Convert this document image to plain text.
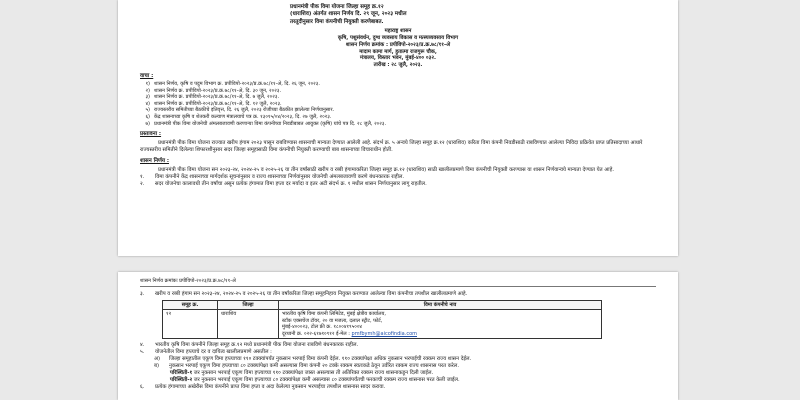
प्रधानमंत्री पीक विमा योजना जिल्हा समूह क्र.१२

(धाराशिव) अंतर्गत शासन निर्णय दि. २९ जून, २०२३ मधील

तरतूदीनुसार विमा कंपनीची नियुक्ती करणेबाबत.

महाराष्ट्र शासन

कृषि, पशुसंवर्धन, दुग्ध व्यवसाय विकास व मत्स्यव्यवसाय विभाग

शासन निर्णय क्रमांक : प्रपीविपो-२०२३/प्र.क्र.७८/११-अे

मादाम कामा मार्ग, हुतात्मा राजगुरू चौक,

मंत्रालय, विस्तार भवन, मुंबई-४०० ०३२.

तारीख : २८ जुलै, २०२३.

वाचा :

१) शासन निर्णय, कृषि व पदुम विभाग क्र. प्रपीविपो-२०२३/प्र.क्र.७८/११-अे, दि. २६ जून, २०२३.
२) शासन निर्णय क्र. प्रपीविपो-२०२३/प्र.क्र.७८/११-अे, दि. ३० जून, २०२३.
३) शासन निर्णय क्र. प्रपीविपो-२०२३/प्र.क्र.७८/११-अे, दि. ७ जुलै, २०२३.
४) शासन निर्णय क्र. प्रपीविपो-२०२३/प्र.क्र.७८/११-अे, दि. १२ जुलै, २०२३.
५) राज्यस्तरीय समितीच्या बैठकीचे इतिवृत्त, दि. २६ जुलै, २०२३ रोजीच्या बैठकीत झालेल्या निर्णयानुसार.
६) केंद्र शासनाच्या कृषि व शेतकरी कल्याण मंत्रालयाचे पत्र क्र. १३०१५/०४/२०२३, दि. २७ जुलै, २०२३.
७) प्रधानमंत्री पीक विमा योजनेची अंमलबजावणी करणाऱ्या विमा कंपनीच्या निवडीबाबत आयुक्त (कृषि) यांचे पत्र दि. २८ जुलै, २०२३.

प्रस्तावना :

प्रधानमंत्री पीक विमा योजना राज्यात खरीप हंगाम २०२३ पासून राबविण्यास शासनाची मान्यता देण्यात आलेली आहे. संदर्भ क्र. ५ अन्वये जिल्हा समूह क्र.१२ (धाराशिव) करिता विमा कंपनी निवडीसाठी राबविण्यात आलेल्या निविदा प्रक्रियेत प्राप्त प्रतिसादाच्या आधारे राज्यस्तरीय समितीने दिलेल्या शिफारशीनुसार सदर जिल्हा समूहासाठी विमा कंपनीची नियुक्ती करण्याची बाब शासनाच्या विचाराधीन होती.

शासन निर्णय :

प्रधानमंत्री पीक विमा योजना सन २०२३-२४, २०२४-२५ व २०२५-२६ या तीन वर्षांसाठी खरीप व रब्बी हंगामाकरिता जिल्हा समूह क्र.१२ (धाराशिव) साठी खालीलप्रमाणे विमा कंपनीची नियुक्ती करण्यास या शासन निर्णयान्वये मान्यता देण्यात येत आहे.

१.	विमा कंपनीने केंद्र शासनाच्या मार्गदर्शक सूचनांनुसार व राज्य शासनाच्या निर्णयांनुसार योजनेची अंमलबजावणी करणे बंधनकारक राहील.
२.	सदर योजनेचा कालावधी तीन वर्षांचा असून प्रत्येक हंगामात विमा हप्ता दर मर्यादा व इतर अटी संदर्भ क्र. १ मधील शासन निर्णयानुसार लागू राहतील.
शासन निर्णय क्रमांकः प्रपीविपो-२०२३/प्र.क्र.७८/११-अे
३.	खरीप व रब्बी हंगाम सन २०२३-२४, २०२४-२५ व २०२५-२६ या तीन वर्षांकरिता जिल्हा समूहनिहाय नियुक्त करण्यात आलेल्या विमा कंपनीचा तपशील खालीलप्रमाणे आहे.
समूह क्र.	जिल्हा	विमा कंपनीचे नाव
१२	धाराशिव	भारतीय कृषि विमा कंपनी लिमिटेड, मुंबई क्षेत्रीय कार्यालय,
स्टॉक एक्सचेंज टॉवर, २० वा मजला, दलाल स्ट्रीट, फोर्ट,
मुंबई-४०००२३, टोल फ्री क्र. १८००४१९५००४
दूरध्वनी क्र. ०२२-६१७१०९१२ ई-मेल : pmfbymh@aicofindia.com
४.	भारतीय कृषि विमा कंपनीने जिल्हा समूह क्र.१२ मध्ये प्रधानमंत्री पीक विमा योजना राबविणे बंधनकारक राहील.
५.	योजनेतील विमा हप्त्याचे दर व दायित्व खालीलप्रमाणे असतील :
अ)	जिल्हा समूहातील एकूण विमा हप्त्याच्या ११० टक्क्यांपर्यंत नुकसान भरपाई विमा कंपनी देईल. ११० टक्क्यांपेक्षा अधिक नुकसान भरपाईची रक्कम राज्य शासन देईल.
ब)	नुकसान भरपाई एकूण विमा हप्त्याच्या ८० टक्क्यांपेक्षा कमी असल्यास विमा कंपनी २० टक्के रक्कम स्वतःकडे ठेवून उर्वरित रक्कम राज्य शासनास परत करेल.

परिस्थिती-१ जर नुकसान भरपाई एकूण विमा हप्त्याच्या ११० टक्क्यांपेक्षा जास्त असल्यास ती अतिरिक्त रक्कम राज्य शासनाकडून दिली जाईल.

परिस्थिती-२ जर नुकसान भरपाई एकूण विमा हप्त्याच्या ८० टक्क्यांपेक्षा कमी असल्यास ८० टक्क्यांपर्यंतची फरकाची रक्कम राज्य शासनास परत केली जाईल.

६.	प्रत्येक हंगामाच्या अखेरीस विमा कंपनीने प्राप्त विमा हप्ता व अदा केलेल्या नुकसान भरपाईचा तपशील शासनास सादर करावा.
